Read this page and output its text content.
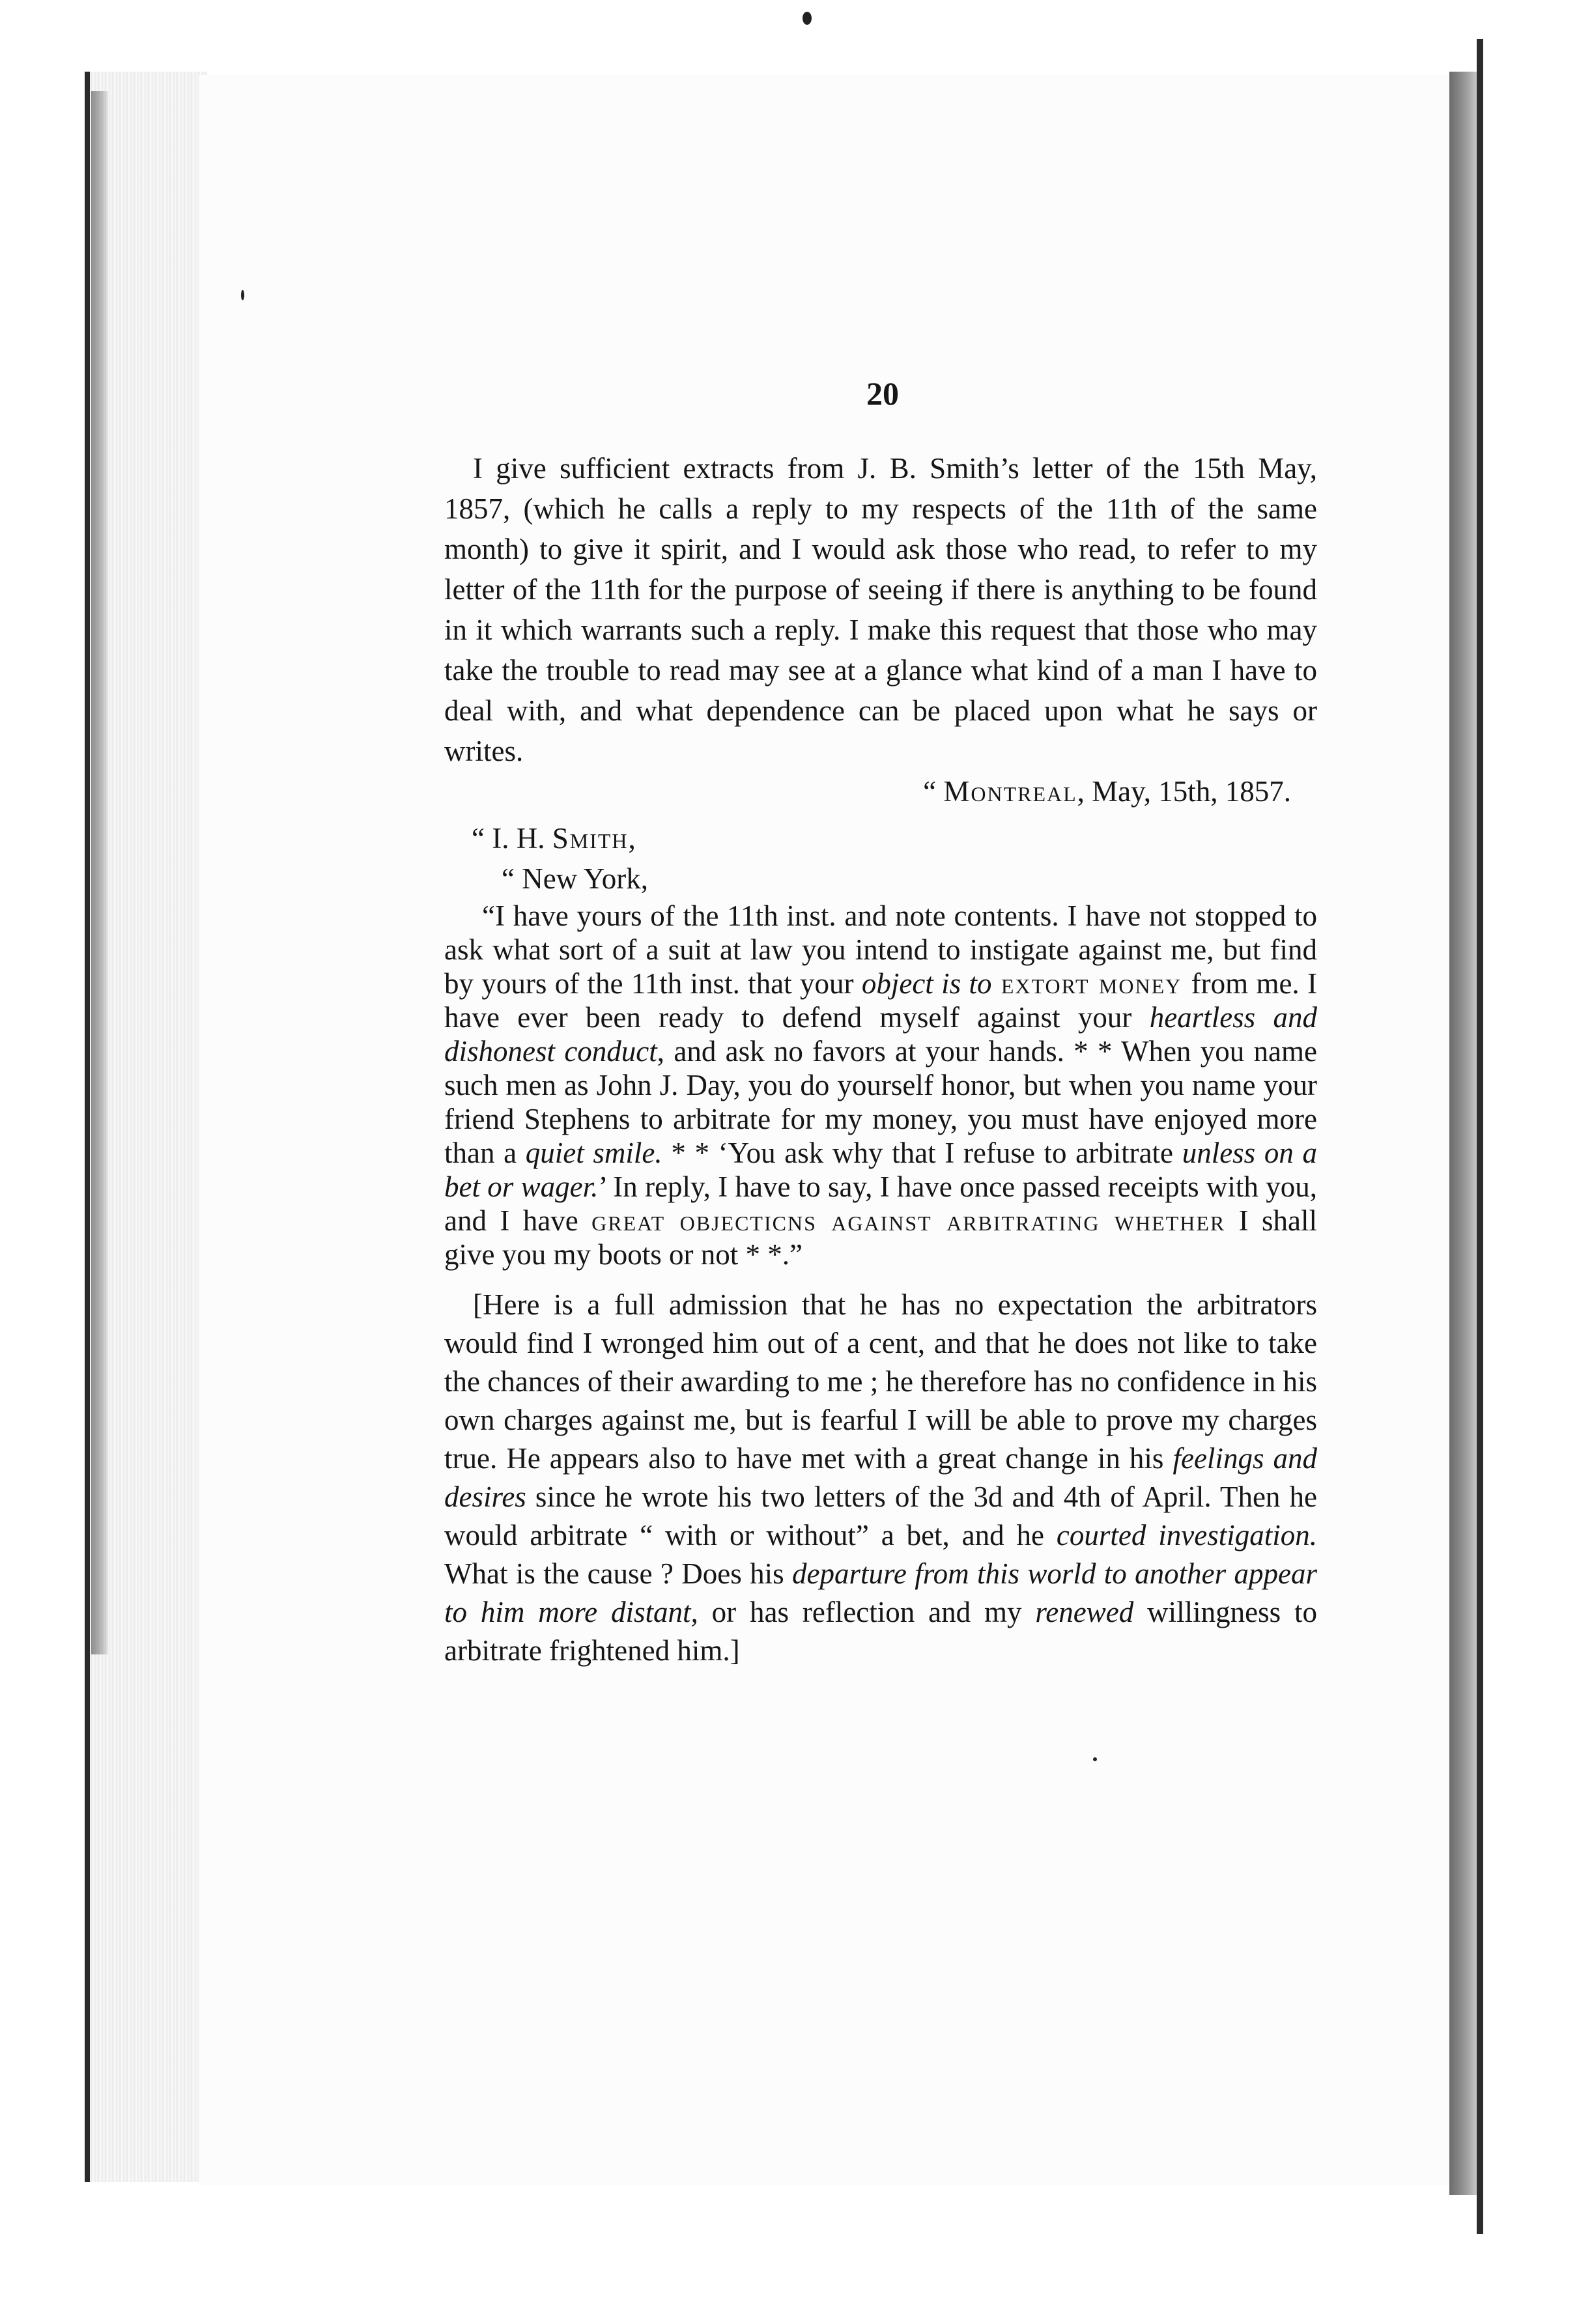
20

I give sufficient extracts from J. B. Smith’s letter of the 15th May, 1857, (which he calls a reply to my respects of the 11th of the same month) to give it spirit, and I would ask those who read, to refer to my letter of the 11th for the purpose of seeing if there is anything to be found in it which warrants such a reply. I make this request that those who may take the trouble to read may see at a glance what kind of a man I have to deal with, and what dependence can be placed upon what he says or writes.

“ Montreal, May, 15th, 1857.

“ I. H. Smith,

“ New York,

“I have yours of the 11th inst. and note contents. I have not stopped to ask what sort of a suit at law you intend to instigate against me, but find by yours of the 11th inst. that your object is to extort money from me. I have ever been ready to defend myself against your heartless and dishonest conduct, and ask no favors at your hands. * * When you name such men as John J. Day, you do yourself honor, but when you name your friend Stephens to arbitrate for my money, you must have enjoyed more than a quiet smile. * * ‘You ask why that I refuse to arbitrate unless on a bet or wager.’ In reply, I have to say, I have once passed receipts with you, and I have great objecticns against arbitrating whether I shall give you my boots or not * *.”

[Here is a full admission that he has no expectation the arbitrators would find I wronged him out of a cent, and that he does not like to take the chances of their awarding to me ; he therefore has no confidence in his own charges against me, but is fearful I will be able to prove my charges true. He appears also to have met with a great change in his feelings and desires since he wrote his two letters of the 3d and 4th of April. Then he would arbitrate “ with or without” a bet, and he courted investigation. What is the cause ? Does his departure from this world to another appear to him more distant, or has reflection and my renewed willingness to arbitrate frightened him.]
